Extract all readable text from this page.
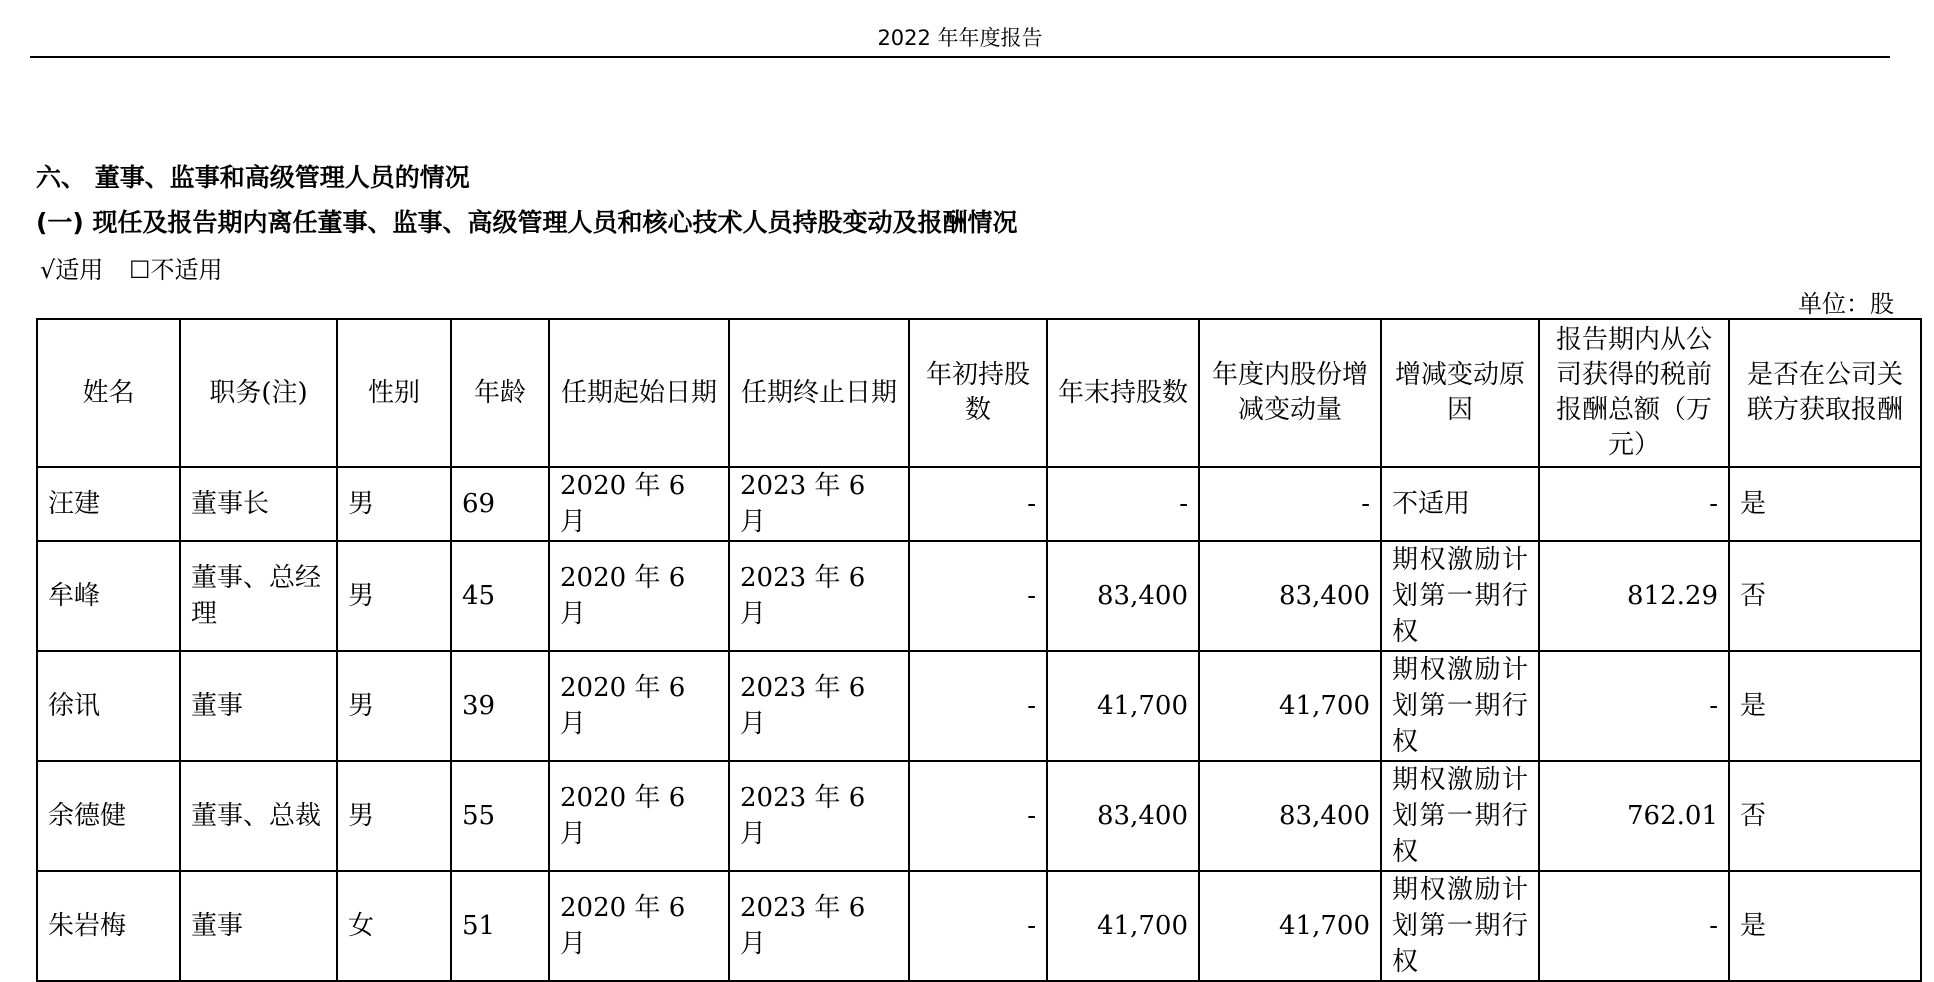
2022 年年度报告
六、 董事、监事和高级管理人员的情况
(一) 现任及报告期内离任董事、监事、高级管理人员和核心技术人员持股变动及报酬情况
√适用 ☐不适用
单位：股
姓名	职务(注)	性别	年龄	任期起始日期	任期终止日期	年初持股数	年末持股数	年度内股份增减变动量	增减变动原因	报告期内从公司获得的税前报酬总额（万元）	是否在公司关联方获取报酬
汪建	董事长	男	69	2020 年 6 月	2023 年 6 月	-	-	-	不适用	-	是
牟峰	董事、总经理	男	45	2020 年 6 月	2023 年 6 月	-	83,400	83,400	期权激励计划第一期行权	812.29	否
徐讯	董事	男	39	2020 年 6 月	2023 年 6 月	-	41,700	41,700	期权激励计划第一期行权	-	是
余德健	董事、总裁	男	55	2020 年 6 月	2023 年 6 月	-	83,400	83,400	期权激励计划第一期行权	762.01	否
朱岩梅	董事	女	51	2020 年 6 月	2023 年 6 月	-	41,700	41,700	期权激励计划第一期行权	-	是
